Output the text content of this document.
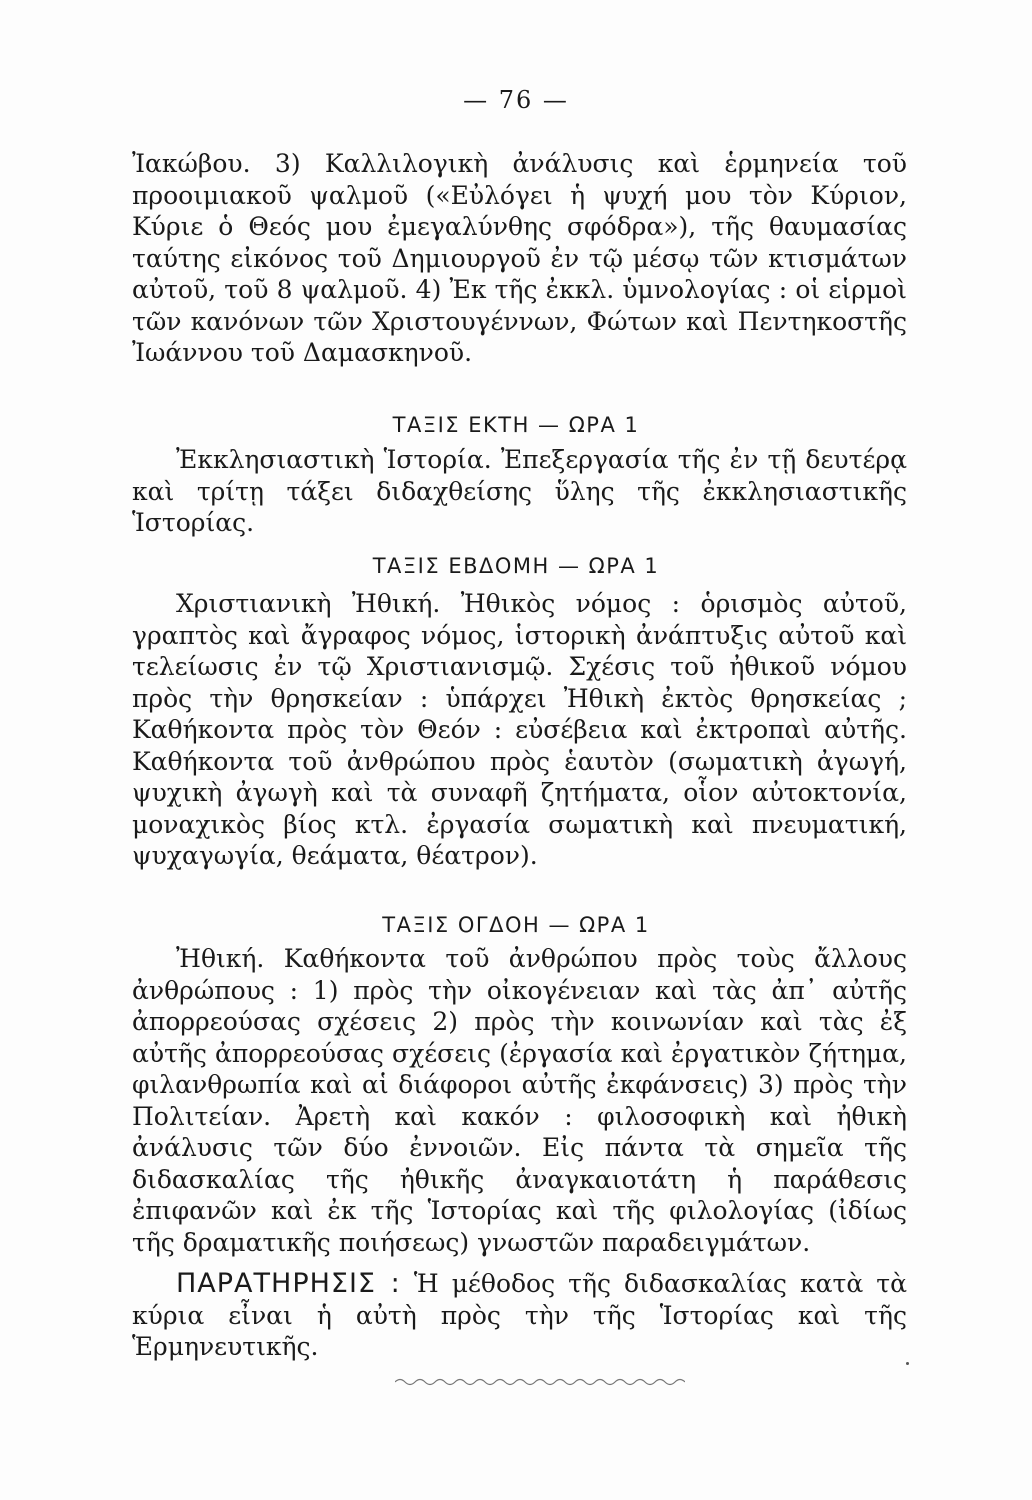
— 76 —

Ἰακώβου. 3) Καλλιλογικὴ ἀνάλυσις καὶ ἑρμηνεία τοῦ προοιμιακοῦ ψαλμοῦ («Εὐλόγει ἡ ψυχή μου τὸν Κύριον, Κύριε ὁ Θεός μου ἐμεγαλύνθης σφόδρα»), τῆς θαυμασίας ταύτης εἰκόνος τοῦ Δημιουργοῦ ἐν τῷ μέσῳ τῶν κτισμάτων αὐτοῦ, τοῦ 8 ψαλμοῦ. 4) Ἐκ τῆς ἐκκλ. ὑμνολογίας : οἱ εἱρμοὶ τῶν κανόνων τῶν Χριστουγέννων, Φώτων καὶ Πεντηκοστῆς Ἰωάννου τοῦ Δαμασκηνοῦ.

ΤΑΞΙΣ ΕΚΤΗ — ΩΡΑ 1

Ἐκκλησιαστικὴ Ἱστορία. Ἐπεξεργασία τῆς ἐν τῇ δευτέρᾳ καὶ τρίτῃ τάξει διδαχθείσης ὕλης τῆς ἐκκλησιαστικῆς Ἱστορίας.

ΤΑΞΙΣ ΕΒΔΟΜΗ — ΩΡΑ 1

Χριστιανικὴ Ἠθική. Ἠθικὸς νόμος : ὁρισμὸς αὐτοῦ, γραπτὸς καὶ ἄγραφος νόμος, ἱστορικὴ ἀνάπτυξις αὐτοῦ καὶ τελείωσις ἐν τῷ Χριστιανισμῷ. Σχέσις τοῦ ἠθικοῦ νόμου πρὸς τὴν θρησκείαν : ὑπάρχει Ἠθικὴ ἐκτὸς θρησκείας ; Καθήκοντα πρὸς τὸν Θεόν : εὐσέβεια καὶ ἐκτροπαὶ αὐτῆς. Καθήκοντα τοῦ ἀνθρώπου πρὸς ἑαυτὸν (σωματικὴ ἀγωγή, ψυχικὴ ἀγωγὴ καὶ τὰ συναφῆ ζητήματα, οἷον αὐτοκτονία, μοναχικὸς βίος κτλ. ἐργασία σωματικὴ καὶ πνευματική, ψυχαγωγία, θεάματα, θέατρον).

ΤΑΞΙΣ ΟΓΔΟΗ — ΩΡΑ 1

Ἠθική. Καθήκοντα τοῦ ἀνθρώπου πρὸς τοὺς ἄλλους ἀνθρώπους : 1) πρὸς τὴν οἰκογένειαν καὶ τὰς ἀπ᾿ αὐτῆς ἀπορρεούσας σχέσεις 2) πρὸς τὴν κοινωνίαν καὶ τὰς ἐξ αὐτῆς ἀπορρεούσας σχέσεις (ἐργασία καὶ ἐργατικὸν ζήτημα, φιλανθρωπία καὶ αἱ διάφοροι αὐτῆς ἐκφάνσεις) 3) πρὸς τὴν Πολιτείαν. Ἀρετὴ καὶ κακόν : φιλοσοφικὴ καὶ ἠθικὴ ἀνάλυσις τῶν δύο ἐννοιῶν. Εἰς πάντα τὰ σημεῖα τῆς διδασκαλίας τῆς ἠθικῆς ἀναγκαιοτάτη ἡ παράθεσις ἐπιφανῶν καὶ ἐκ τῆς Ἱστορίας καὶ τῆς φιλολογίας (ἰδίως τῆς δραματικῆς ποιήσεως) γνωστῶν παραδειγμάτων.

ΠΑΡΑΤΗΡΗΣΙΣ : Ἡ μέθοδος τῆς διδασκαλίας κατὰ τὰ κύρια εἶναι ἡ αὐτὴ πρὸς τὴν τῆς Ἱστορίας καὶ τῆς Ἑρμηνευτικῆς.
